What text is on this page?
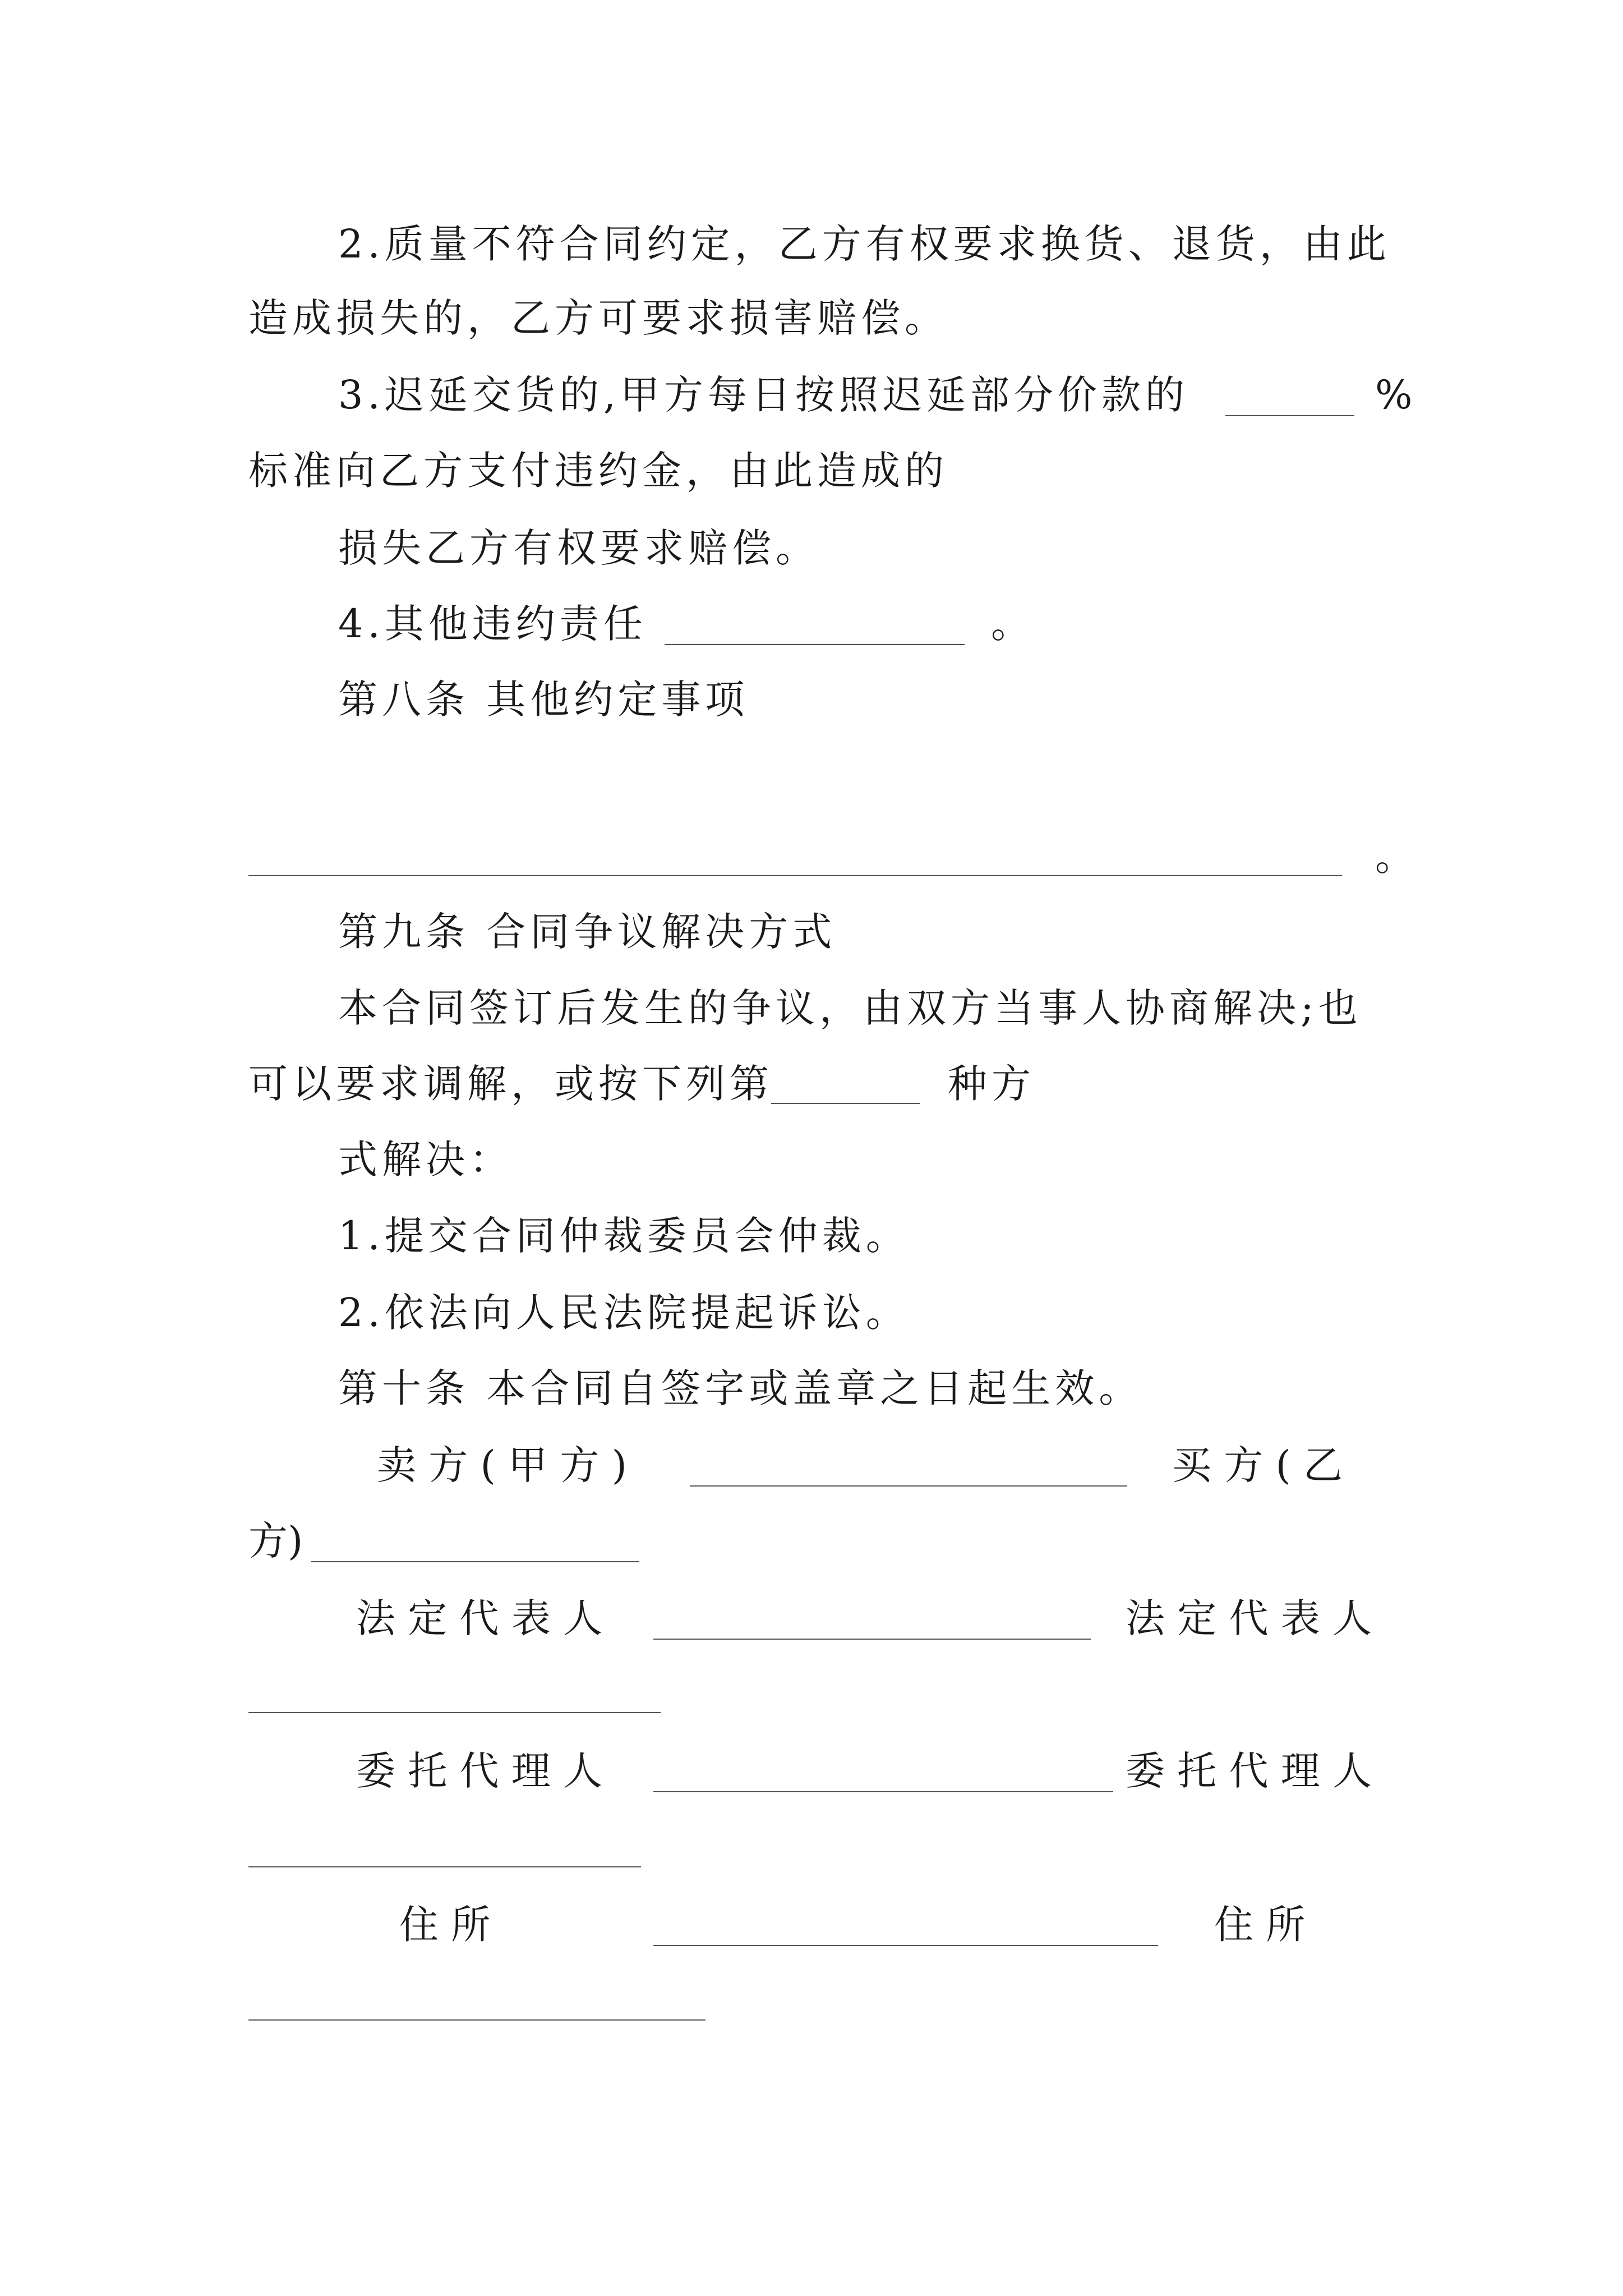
2.质量不符合同约定，乙方有权要求换货、退货，由此
造成损失的，乙方可要求损害赔偿。
3.迟延交货的,甲方每日按照迟延部分价款的	%
标准向乙方支付违约金，由此造成的
损失乙方有权要求赔偿。
4.其他违约责任	。
第八条 其他约定事项
。
第九条 合同争议解决方式
本合同签订后发生的争议，由双方当事人协商解决;也
可以要求调解，或按下列第	种方
式解决：
1.提交合同仲裁委员会仲裁。
2.依法向人民法院提起诉讼。
第十条 本合同自签字或盖章之日起生效。
卖 方 ( 甲 方 )	买 方 ( 乙
方)
法 定 代 表 人	法 定 代 表 人
委 托 代 理 人	委 托 代 理 人
住 所	住 所
